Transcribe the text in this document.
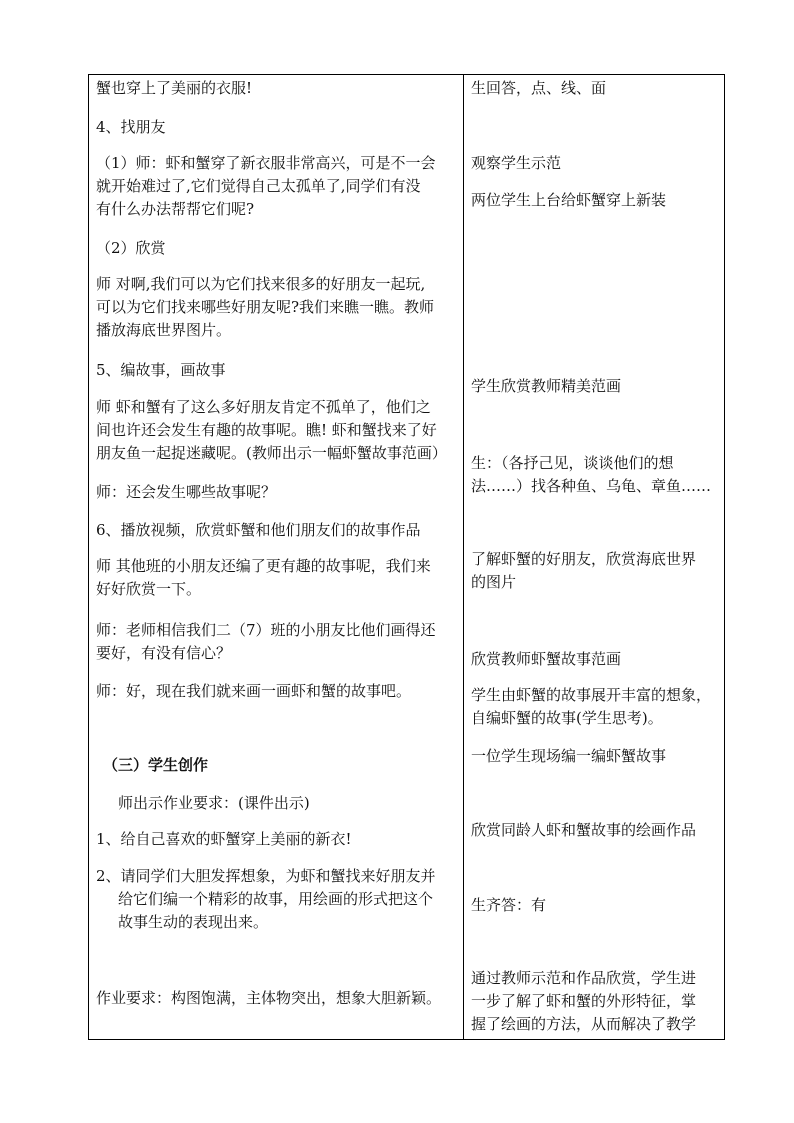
蟹也穿上了美丽的衣服!
4、找朋友
（1）师：虾和蟹穿了新衣服非常高兴，可是不一会
就开始难过了,它们觉得自己太孤单了,同学们有没
有什么办法帮帮它们呢?
（2）欣赏
师 对啊,我们可以为它们找来很多的好朋友一起玩,
可以为它们找来哪些好朋友呢?我们来瞧一瞧。教师
播放海底世界图片。
5、编故事，画故事
师 虾和蟹有了这么多好朋友肯定不孤单了，他们之
间也许还会发生有趣的故事呢。瞧! 虾和蟹找来了好
朋友鱼一起捉迷藏呢。(教师出示一幅虾蟹故事范画）
师：还会发生哪些故事呢？
6、播放视频，欣赏虾蟹和他们朋友们的故事作品
师 其他班的小朋友还编了更有趣的故事呢，我们来
好好欣赏一下。
师：老师相信我们二（7）班的小朋友比他们画得还
要好，有没有信心？
师：好，现在我们就来画一画虾和蟹的故事吧。
（三）学生创作
师出示作业要求：(课件出示)
1、给自己喜欢的虾蟹穿上美丽的新衣!
2、请同学们大胆发挥想象，为虾和蟹找来好朋友并
给它们编一个精彩的故事，用绘画的形式把这个
故事生动的表现出来。
作业要求：构图饱满，主体物突出，想象大胆新颖。
生回答，点、线、面
观察学生示范
两位学生上台给虾蟹穿上新装
学生欣赏教师精美范画
生：（各抒己见，谈谈他们的想
法……）找各种鱼、乌龟、章鱼……
了解虾蟹的好朋友，欣赏海底世界
的图片
欣赏教师虾蟹故事范画
学生由虾蟹的故事展开丰富的想象，
自编虾蟹的故事(学生思考)。
一位学生现场编一编虾蟹故事
欣赏同龄人虾和蟹故事的绘画作品
生齐答：有
通过教师示范和作品欣赏，学生进
一步了解了虾和蟹的外形特征，掌
握了绘画的方法，从而解决了教学
